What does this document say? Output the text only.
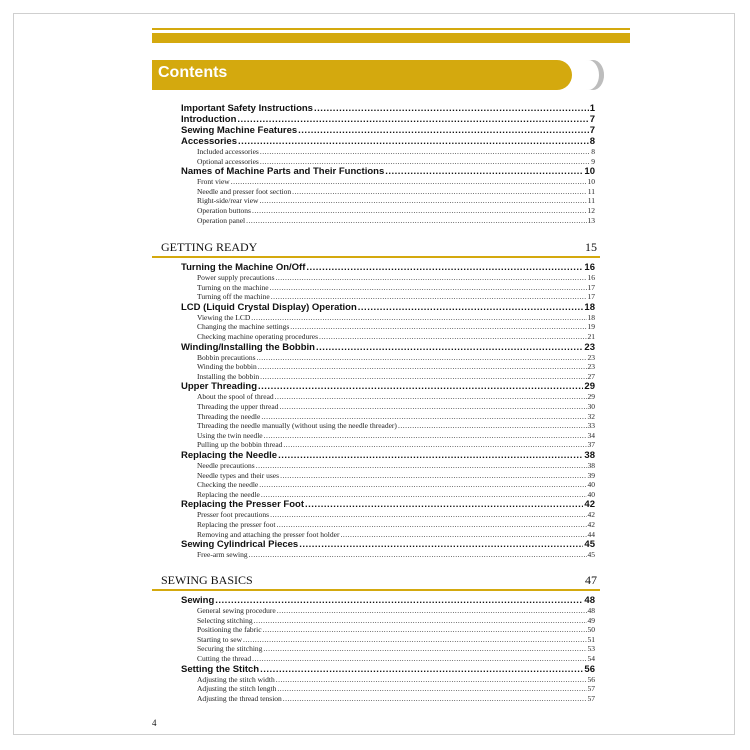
Contents
Important Safety Instructions .....	1
Introduction .....	7
Sewing Machine Features .....	7
Accessories .....	8
Included accessories .....	8
Optional accessories .....	9
Names of Machine Parts and Their Functions .....	10
Front view .....	10
Needle and presser foot section .....	11
Right-side/rear view .....	11
Operation buttons .....	12
Operation panel .....	13
GETTING READY	15
Turning the Machine On/Off .....	16
Power supply precautions .....	16
Turning on the machine .....	17
Turning off the machine .....	17
LCD (Liquid Crystal Display) Operation .....	18
Viewing the LCD .....	18
Changing the machine settings .....	19
Checking machine operating procedures .....	21
Winding/Installing the Bobbin .....	23
Bobbin precautions .....	23
Winding the bobbin .....	23
Installing the bobbin .....	27
Upper Threading .....	29
About the spool of thread .....	29
Threading the upper thread .....	30
Threading the needle .....	32
Threading the needle manually (without using the needle threader) .....	33
Using the twin needle .....	34
Pulling up the bobbin thread .....	37
Replacing the Needle .....	38
Needle precautions .....	38
Needle types and their uses .....	39
Checking the needle .....	40
Replacing the needle .....	40
Replacing the Presser Foot .....	42
Presser foot precautions .....	42
Replacing the presser foot .....	42
Removing and attaching the presser foot holder .....	44
Sewing Cylindrical Pieces .....	45
Free-arm sewing .....	45
SEWING BASICS	47
Sewing .....	48
General sewing procedure .....	48
Selecting stitching .....	49
Positioning the fabric .....	50
Starting to sew .....	51
Securing the stitching .....	53
Cutting the thread .....	54
Setting the Stitch .....	56
Adjusting the stitch width .....	56
Adjusting the stitch length .....	57
Adjusting the thread tension .....	57
4
